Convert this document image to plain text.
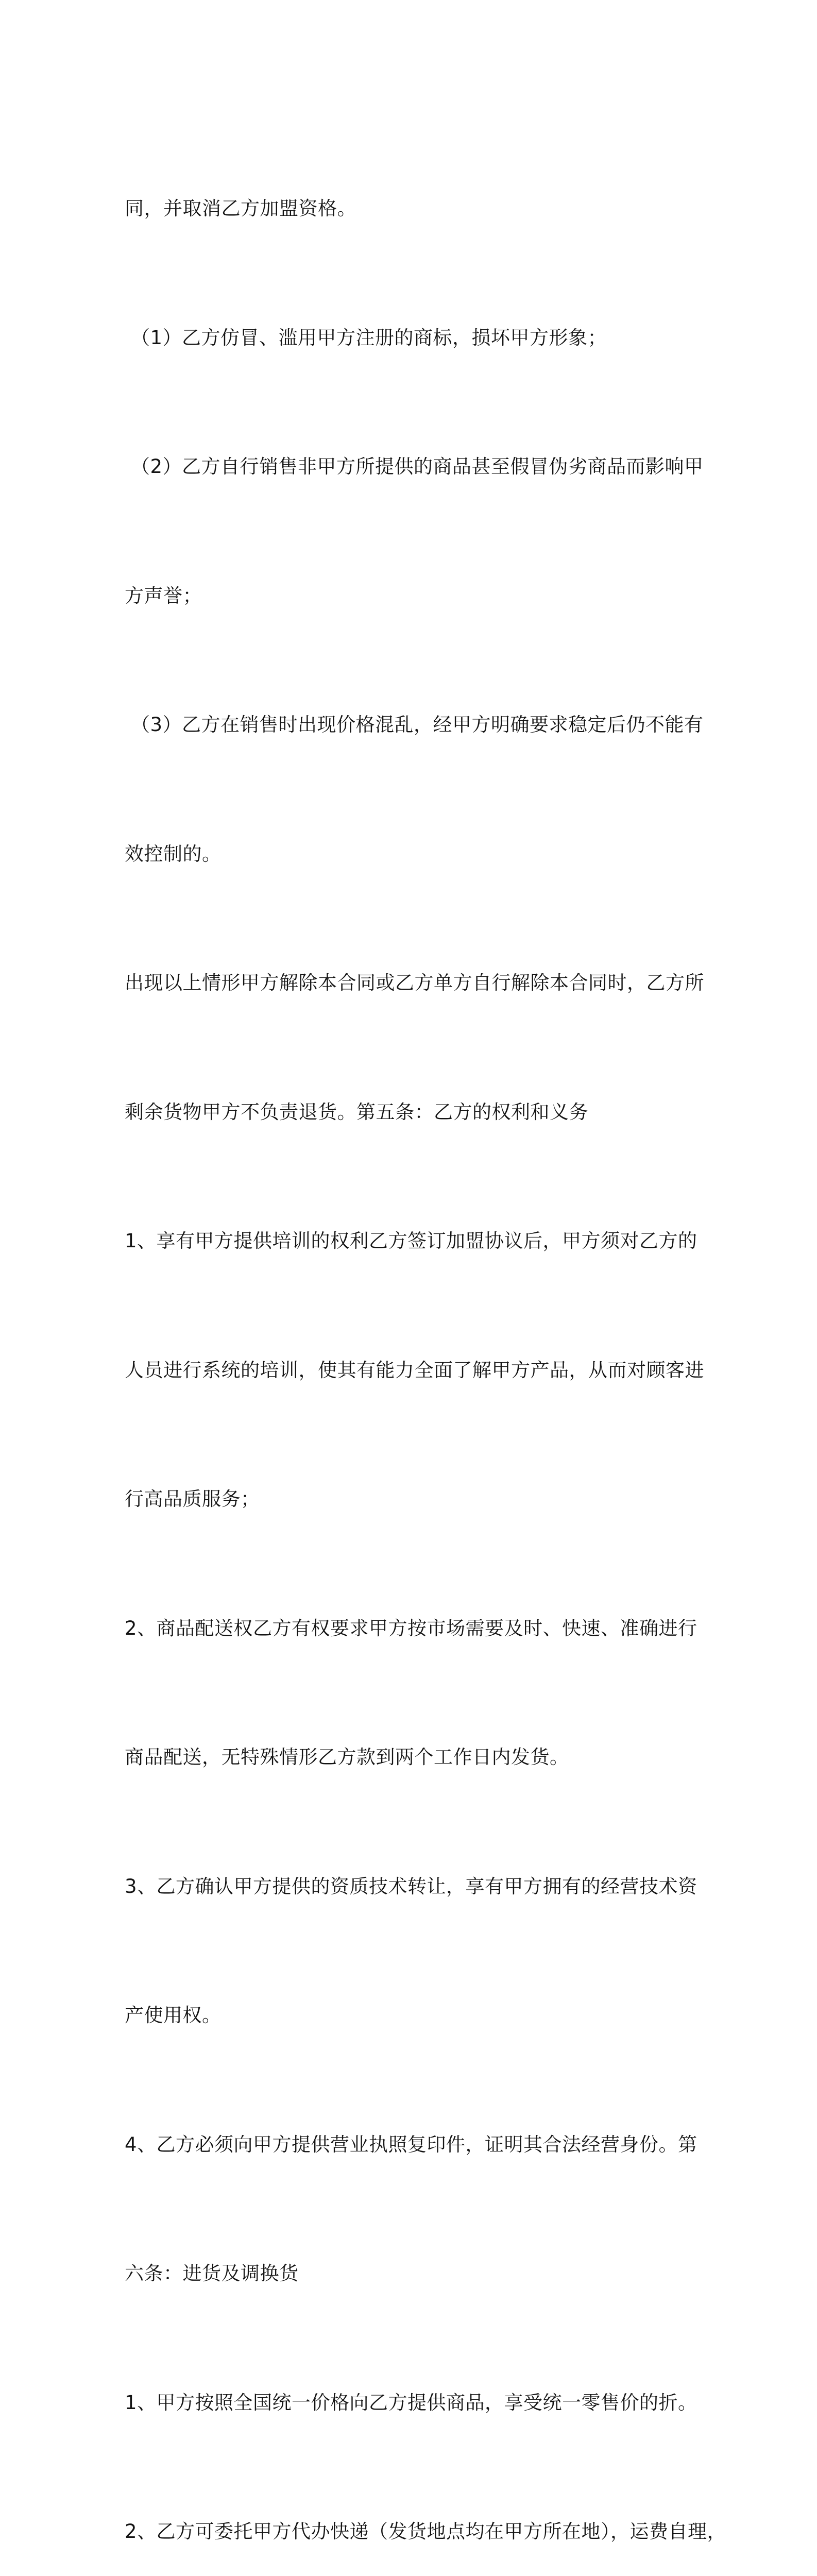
同，并取消乙方加盟资格。

（1）乙方仿冒、滥用甲方注册的商标，损坏甲方形象；

（2）乙方自行销售非甲方所提供的商品甚至假冒伪劣商品而影响甲

方声誉；

（3）乙方在销售时出现价格混乱，经甲方明确要求稳定后仍不能有

效控制的。

出现以上情形甲方解除本合同或乙方单方自行解除本合同时，乙方所

剩余货物甲方不负责退货。第五条：乙方的权利和义务

1、享有甲方提供培训的权利乙方签订加盟协议后，甲方须对乙方的

人员进行系统的培训，使其有能力全面了解甲方产品，从而对顾客进

行高品质服务；

2、商品配送权乙方有权要求甲方按市场需要及时、快速、准确进行

商品配送，无特殊情形乙方款到两个工作日内发货。

3、乙方确认甲方提供的资质技术转让，享有甲方拥有的经营技术资

产使用权。

4、乙方必须向甲方提供营业执照复印件，证明其合法经营身份。第

六条：进货及调换货

1、甲方按照全国统一价格向乙方提供商品，享受统一零售价的折。

2、乙方可委托甲方代办快递（发货地点均在甲方所在地），运费自理，
